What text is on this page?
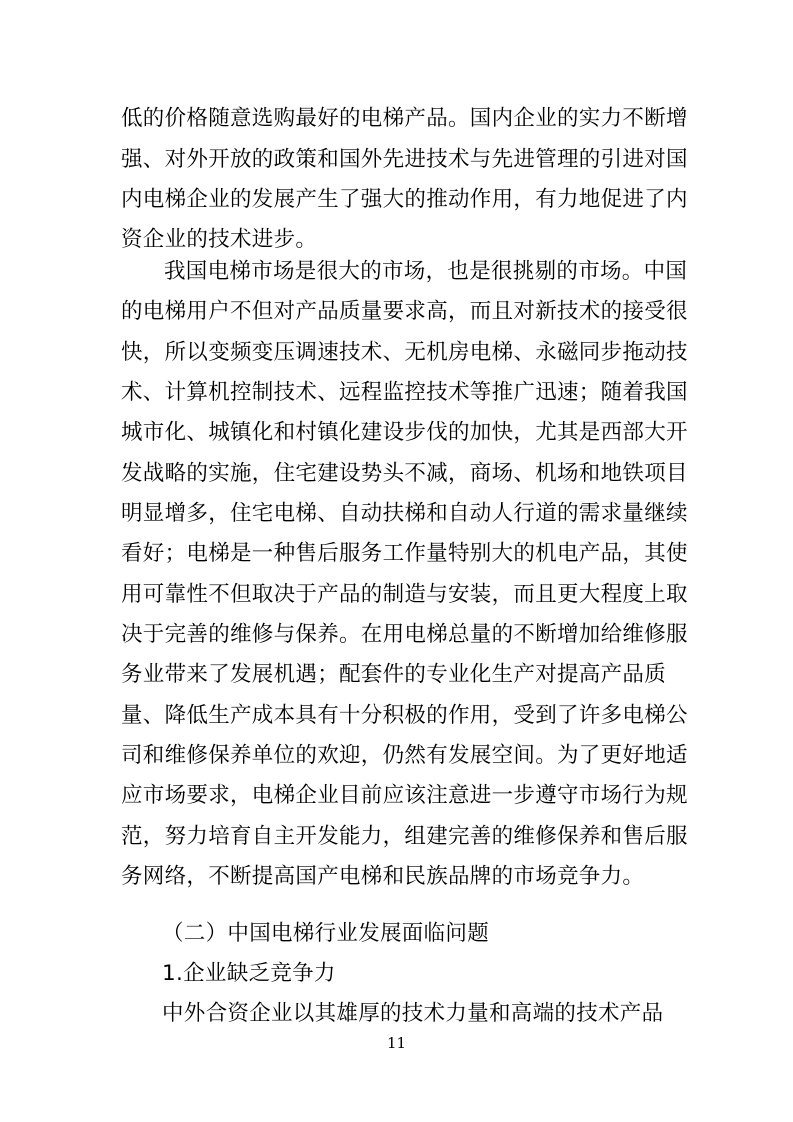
低的价格随意选购最好的电梯产品。国内企业的实力不断增
强、对外开放的政策和国外先进技术与先进管理的引进对国
内电梯企业的发展产生了强大的推动作用，有力地促进了内
资企业的技术进步。
我国电梯市场是很大的市场，也是很挑剔的市场。中国
的电梯用户不但对产品质量要求高，而且对新技术的接受很
快，所以变频变压调速技术、无机房电梯、永磁同步拖动技
术、计算机控制技术、远程监控技术等推广迅速；随着我国
城市化、城镇化和村镇化建设步伐的加快，尤其是西部大开
发战略的实施，住宅建设势头不减，商场、机场和地铁项目
明显增多，住宅电梯、自动扶梯和自动人行道的需求量继续
看好；电梯是一种售后服务工作量特别大的机电产品，其使
用可靠性不但取决于产品的制造与安装，而且更大程度上取
决于完善的维修与保养。在用电梯总量的不断增加给维修服
务业带来了发展机遇；配套件的专业化生产对提高产品质
量、降低生产成本具有十分积极的作用，受到了许多电梯公
司和维修保养单位的欢迎，仍然有发展空间。为了更好地适
应市场要求，电梯企业目前应该注意进一步遵守市场行为规
范，努力培育自主开发能力，组建完善的维修保养和售后服
务网络，不断提高国产电梯和民族品牌的市场竞争力。
（二）中国电梯行业发展面临问题
1.企业缺乏竞争力
中外合资企业以其雄厚的技术力量和高端的技术产品
11
